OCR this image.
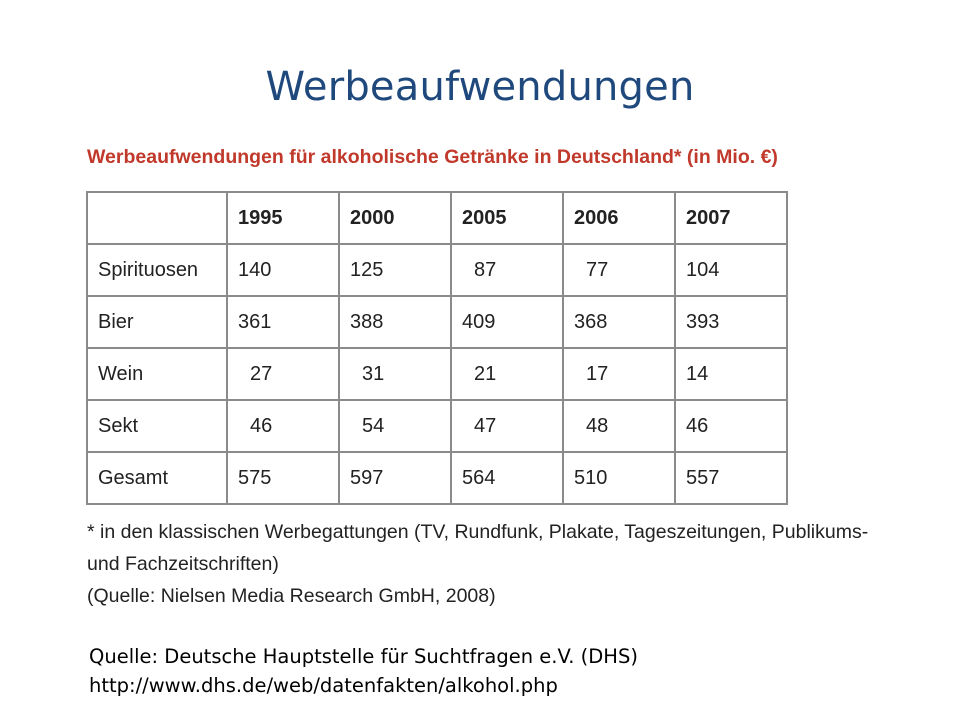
Werbeaufwendungen
Werbeaufwendungen für alkoholische Getränke in Deutschland* (in Mio. €)
	1995	2000	2005	2006	2007
Spirituosen	140	125	87	77	104
Bier	361	388	409	368	393
Wein	27	31	21	17	14
Sekt	46	54	47	48	46
Gesamt	575	597	564	510	557
* in den klassischen Werbegattungen (TV, Rundfunk, Plakate, Tageszeitungen, Publikums-
und Fachzeitschriften)
(Quelle: Nielsen Media Research GmbH, 2008)
Quelle: Deutsche Hauptstelle für Suchtfragen e.V. (DHS)
http://www.dhs.de/web/datenfakten/alkohol.php
